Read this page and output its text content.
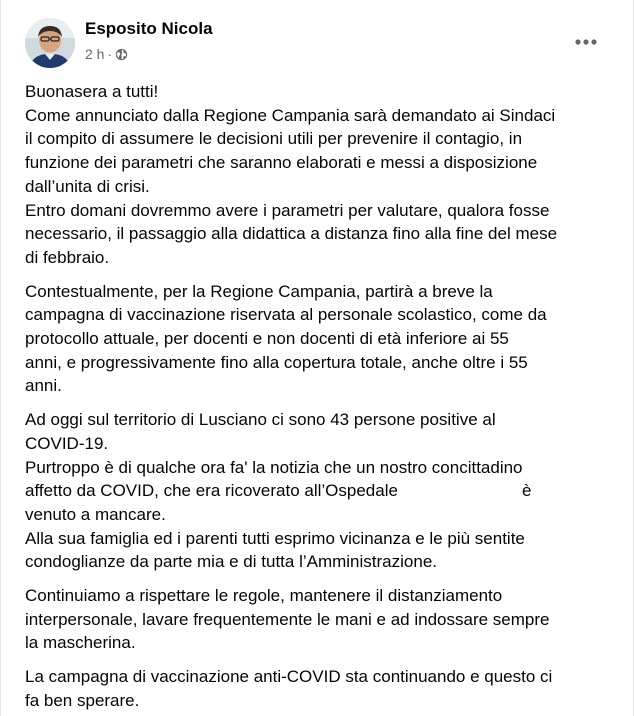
Esposito Nicola
2 h ·
Buonasera a tutti!
Come annunciato dalla Regione Campania sarà demandato ai Sindaci
il compito di assumere le decisioni utili per prevenire il contagio, in
funzione dei parametri che saranno elaborati e messi a disposizione
dall’unita di crisi.
Entro domani dovremmo avere i parametri per valutare, qualora fosse
necessario, il passaggio alla didattica a distanza fino alla fine del mese
di febbraio.
Contestualmente, per la Regione Campania, partirà a breve la
campagna di vaccinazione riservata al personale scolastico, come da
protocollo attuale, per docenti e non docenti di età inferiore ai 55
anni, e progressivamente fino alla copertura totale, anche oltre i 55
anni.
Ad oggi sul territorio di Lusciano ci sono 43 persone positive al
COVID-19.
Purtroppo è di qualche ora fa' la notizia che un nostro concittadino
affetto da COVID, che era ricoverato all’Ospedale	è
venuto a mancare.
Alla sua famiglia ed i parenti tutti esprimo vicinanza e le più sentite
condoglianze da parte mia e di tutta l’Amministrazione.
Continuiamo a rispettare le regole, mantenere il distanziamento
interpersonale, lavare frequentemente le mani e ad indossare sempre
la mascherina.
La campagna di vaccinazione anti-COVID sta continuando e questo ci
fa ben sperare.
